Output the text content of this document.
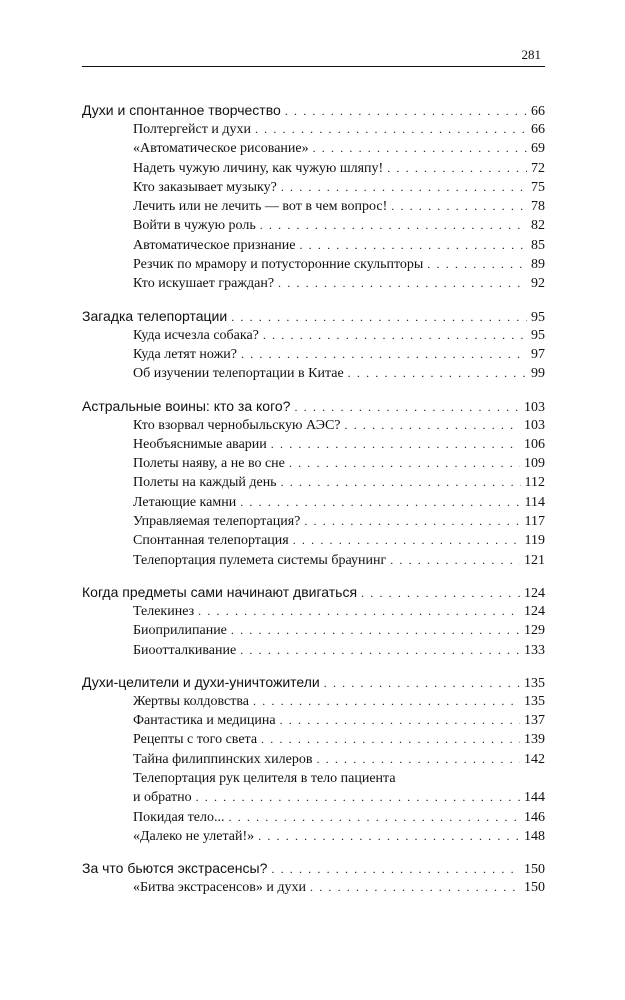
281
Духи и спонтанное творчество . . .	66
Полтергейст и духи . . .	66
«Автоматическое рисование» . . .	69
Надеть чужую личину, как чужую шляпу! . . .	72
Кто заказывает музыку? . . .	75
Лечить или не лечить — вот в чем вопрос! . . .	78
Войти в чужую роль . . .	82
Автоматическое признание . . .	85
Резчик по мрамору и потусторонние скульпторы . . .	89
Кто искушает граждан? . . .	92
Загадка телепортации . . .	95
Куда исчезла собака? . . .	95
Куда летят ножи? . . .	97
Об изучении телепортации в Китае . . .	99
Астральные воины: кто за кого? . . .	103
Кто взорвал чернобыльскую АЭС? . . .	103
Необъяснимые аварии . . .	106
Полеты наяву, а не во сне . . .	109
Полеты на каждый день . . .	112
Летающие камни . . .	114
Управляемая телепортация? . . .	117
Спонтанная телепортация . . .	119
Телепортация пулемета системы браунинг . . .	121
Когда предметы сами начинают двигаться . . .	124
Телекинез . . .	124
Биоприлипание . . .	129
Биоотталкивание . . .	133
Духи-целители и духи-уничтожители . . .	135
Жертвы колдовства . . .	135
Фантастика и медицина . . .	137
Рецепты с того света . . .	139
Тайна филиппинских хилеров . . .	142
Телепортация рук целителя в тело пациента
и обратно . . .	144
Покидая тело... . . .	146
«Далеко не улетай!» . . .	148
За что бьются экстрасенсы? . . .	150
«Битва экстрасенсов» и духи . . .	150
